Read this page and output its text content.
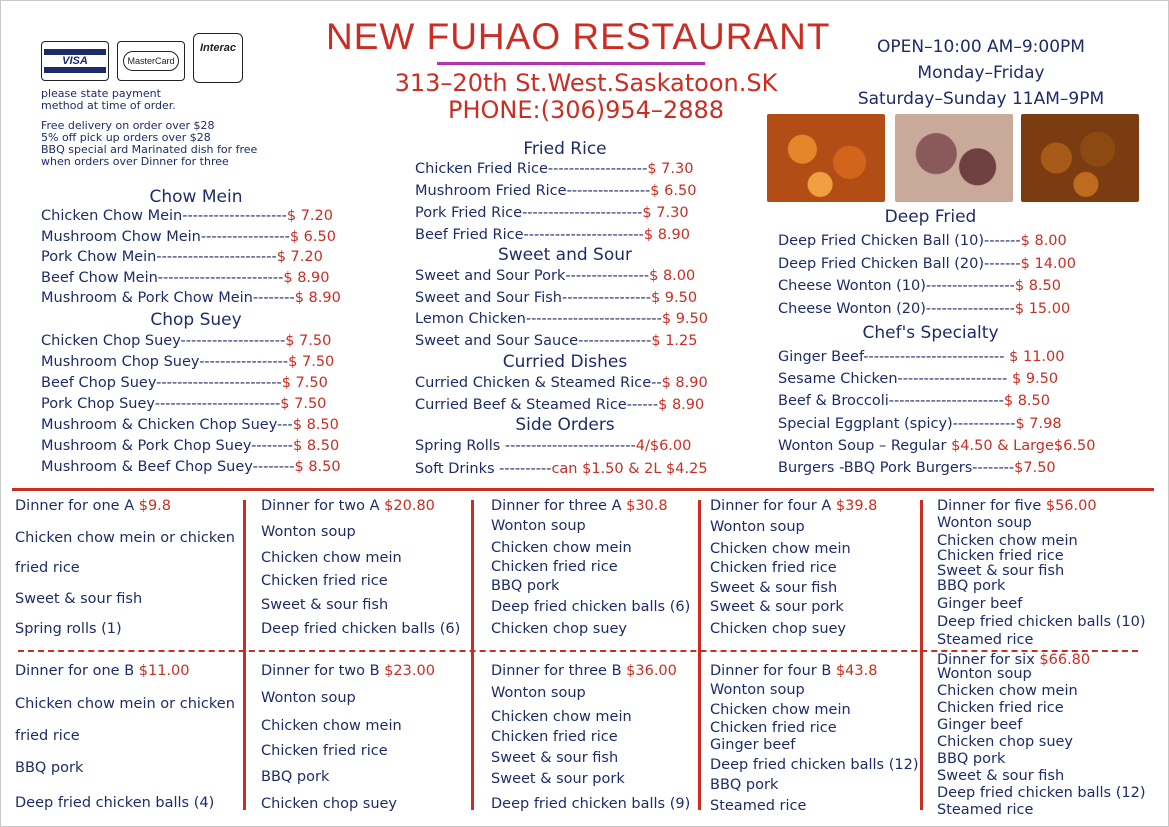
VISA	MasterCard
Interac
please state payment
method at time of order.
Free delivery on order over $28
5% off pick up orders over $28
BBQ special ard Marinated dish for free
when orders over Dinner for three
NEW FUHAO RESTAURANT
313–20th St.West.Saskatoon.SK
PHONE:(306)954–2888
OPEN–10:00 AM–9:00PM
Monday–Friday
Saturday–Sunday 11AM–9PM
Chow Mein
Chicken Chow Mein--------------------$ 7.20
Mushroom Chow Mein-----------------$ 6.50
Pork Chow Mein-----------------------$ 7.20
Beef Chow Mein------------------------$ 8.90
Mushroom & Pork Chow Mein--------$ 8.90
Chop Suey
Chicken Chop Suey--------------------$ 7.50
Mushroom Chop Suey-----------------$ 7.50
Beef Chop Suey------------------------$ 7.50
Pork Chop Suey------------------------$ 7.50
Mushroom & Chicken Chop Suey---$ 8.50
Mushroom & Pork Chop Suey--------$ 8.50
Mushroom & Beef Chop Suey--------$ 8.50
Fried Rice
Chicken Fried Rice-------------------$ 7.30
Mushroom Fried Rice----------------$ 6.50
Pork Fried Rice-----------------------$ 7.30
Beef Fried Rice-----------------------$ 8.90
Sweet and Sour
Sweet and Sour Pork----------------$ 8.00
Sweet and Sour Fish-----------------$ 9.50
Lemon Chicken--------------------------$ 9.50
Sweet and Sour Sauce--------------$ 1.25
Curried Dishes
Curried Chicken & Steamed Rice--$ 8.90
Curried Beef & Steamed Rice------$ 8.90
Side Orders
Spring Rolls -------------------------4/$6.00
Soft Drinks ----------can $1.50 & 2L $4.25
Deep Fried
Deep Fried Chicken Ball (10)-------$ 8.00
Deep Fried Chicken Ball (20)-------$ 14.00
Cheese Wonton (10)-----------------$ 8.50
Cheese Wonton (20)-----------------$ 15.00
Chef's Specialty
Ginger Beef--------------------------- $ 11.00
Sesame Chicken--------------------- $ 9.50
Beef & Broccoli----------------------$ 8.50
Special Eggplant (spicy)------------$ 7.98
Wonton Soup – Regular $4.50 & Large$6.50
Burgers -BBQ Pork Burgers--------$7.50
Dinner for one A $9.8
Chicken chow mein or chicken
fried rice
Sweet & sour fish
Spring rolls (1)
Dinner for one B $11.00
Chicken chow mein or chicken
fried rice
BBQ pork
Deep fried chicken balls (4)
Dinner for two A $20.80
Wonton soup
Chicken chow mein
Chicken fried rice
Sweet & sour fish
Deep fried chicken balls (6)
Dinner for two B $23.00
Wonton soup
Chicken chow mein
Chicken fried rice
BBQ pork
Chicken chop suey
Dinner for three A $30.8
Wonton soup
Chicken chow mein
Chicken fried rice
BBQ pork
Deep fried chicken balls (6)
Chicken chop suey
Dinner for three B $36.00
Wonton soup
Chicken chow mein
Chicken fried rice
Sweet & sour fish
Sweet & sour pork
Deep fried chicken balls (9)
Dinner for four A $39.8
Wonton soup
Chicken chow mein
Chicken fried rice
Sweet & sour fish
Sweet & sour pork
Chicken chop suey
Dinner for four B $43.8
Wonton soup
Chicken chow mein
Chicken fried rice
Ginger beef
Deep fried chicken balls (12)
BBQ pork
Steamed rice
Dinner for five $56.00
Wonton soup
Chicken chow mein
Chicken fried rice
Sweet & sour fish
BBQ pork
Ginger beef
Deep fried chicken balls (10)
Steamed rice
Dinner for six $66.80
Wonton soup
Chicken chow mein
Chicken fried rice
Ginger beef
Chicken chop suey
BBQ pork
Sweet & sour fish
Deep fried chicken balls (12)
Steamed rice
